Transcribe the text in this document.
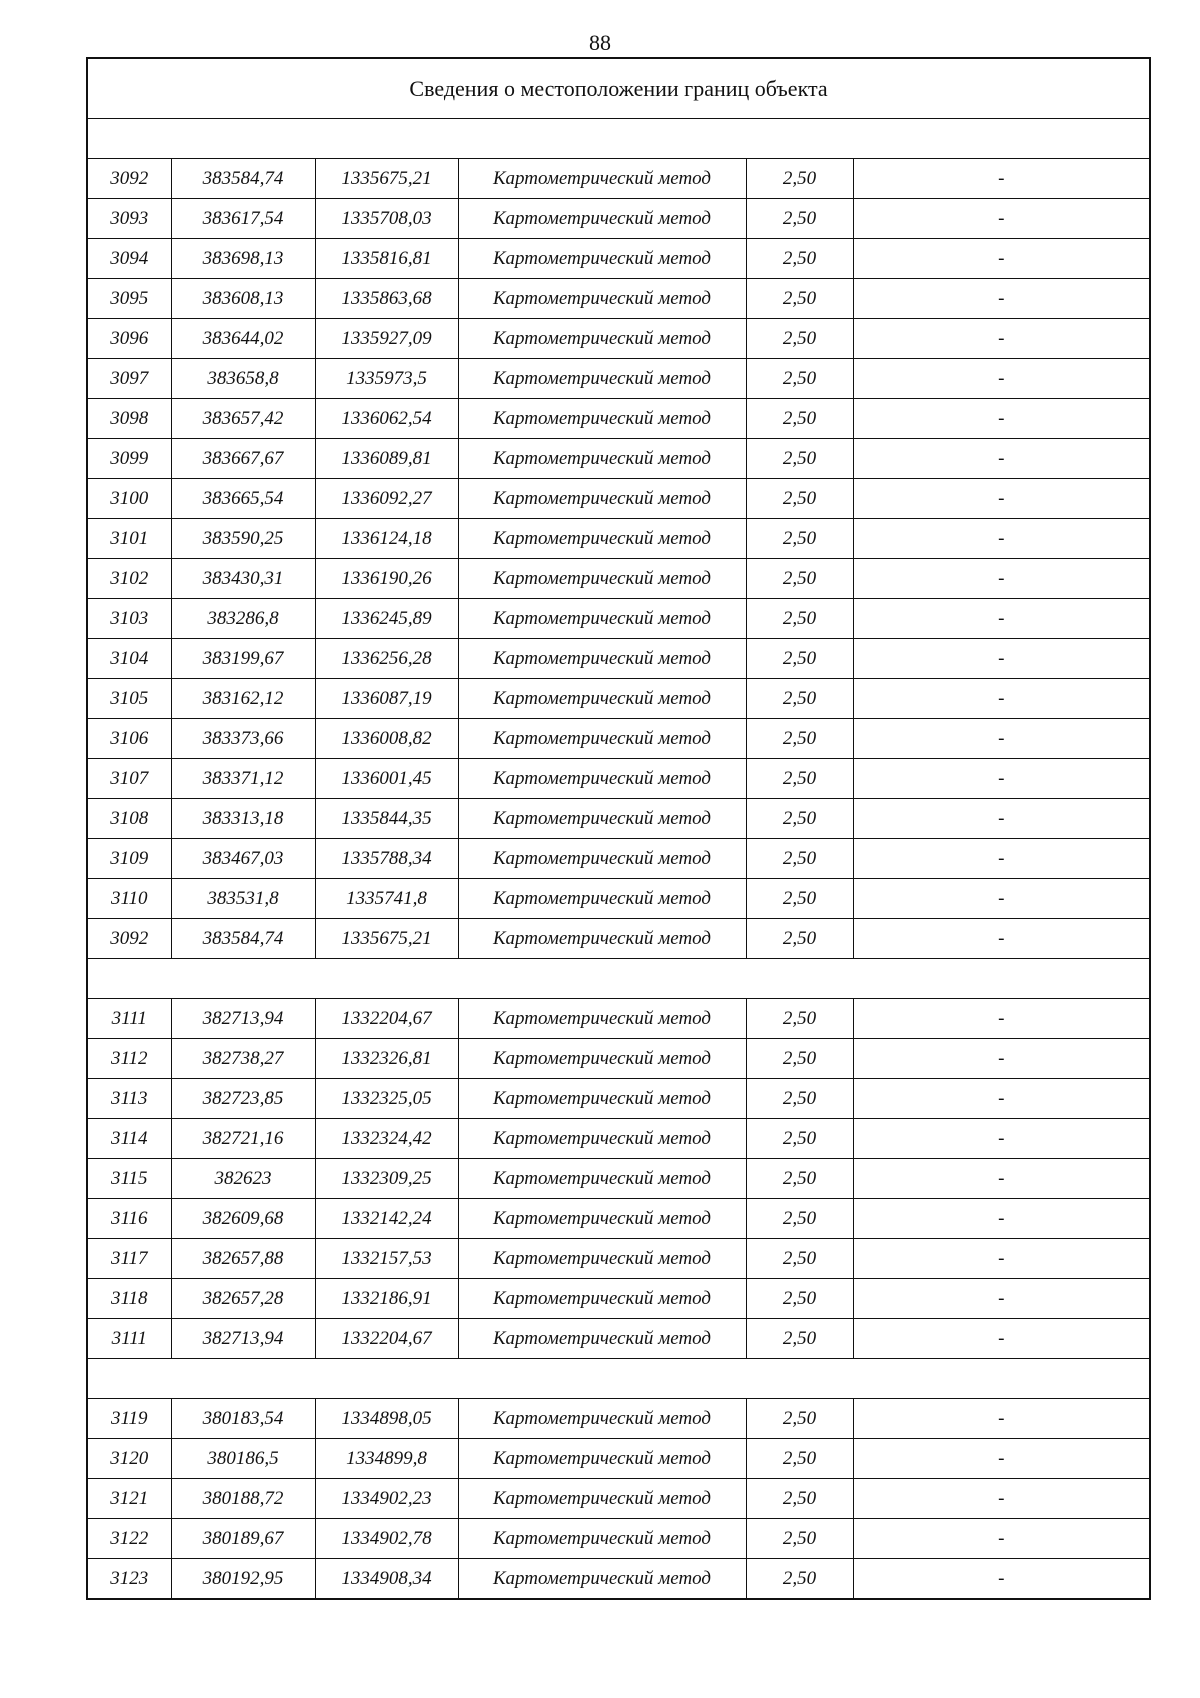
88
Сведения о местоположении границ объекта					

3092	383584,74	1335675,21	Картометрический метод	2,50	-
3093	383617,54	1335708,03	Картометрический метод	2,50	-
3094	383698,13	1335816,81	Картометрический метод	2,50	-
3095	383608,13	1335863,68	Картометрический метод	2,50	-
3096	383644,02	1335927,09	Картометрический метод	2,50	-
3097	383658,8	1335973,5	Картометрический метод	2,50	-
3098	383657,42	1336062,54	Картометрический метод	2,50	-
3099	383667,67	1336089,81	Картометрический метод	2,50	-
3100	383665,54	1336092,27	Картометрический метод	2,50	-
3101	383590,25	1336124,18	Картометрический метод	2,50	-
3102	383430,31	1336190,26	Картометрический метод	2,50	-
3103	383286,8	1336245,89	Картометрический метод	2,50	-
3104	383199,67	1336256,28	Картометрический метод	2,50	-
3105	383162,12	1336087,19	Картометрический метод	2,50	-
3106	383373,66	1336008,82	Картометрический метод	2,50	-
3107	383371,12	1336001,45	Картометрический метод	2,50	-
3108	383313,18	1335844,35	Картометрический метод	2,50	-
3109	383467,03	1335788,34	Картометрический метод	2,50	-
3110	383531,8	1335741,8	Картометрический метод	2,50	-
3092	383584,74	1335675,21	Картометрический метод	2,50	-

3111	382713,94	1332204,67	Картометрический метод	2,50	-
3112	382738,27	1332326,81	Картометрический метод	2,50	-
3113	382723,85	1332325,05	Картометрический метод	2,50	-
3114	382721,16	1332324,42	Картометрический метод	2,50	-
3115	382623	1332309,25	Картометрический метод	2,50	-
3116	382609,68	1332142,24	Картометрический метод	2,50	-
3117	382657,88	1332157,53	Картометрический метод	2,50	-
3118	382657,28	1332186,91	Картометрический метод	2,50	-
3111	382713,94	1332204,67	Картометрический метод	2,50	-

3119	380183,54	1334898,05	Картометрический метод	2,50	-
3120	380186,5	1334899,8	Картометрический метод	2,50	-
3121	380188,72	1334902,23	Картометрический метод	2,50	-
3122	380189,67	1334902,78	Картометрический метод	2,50	-
3123	380192,95	1334908,34	Картометрический метод	2,50	-
